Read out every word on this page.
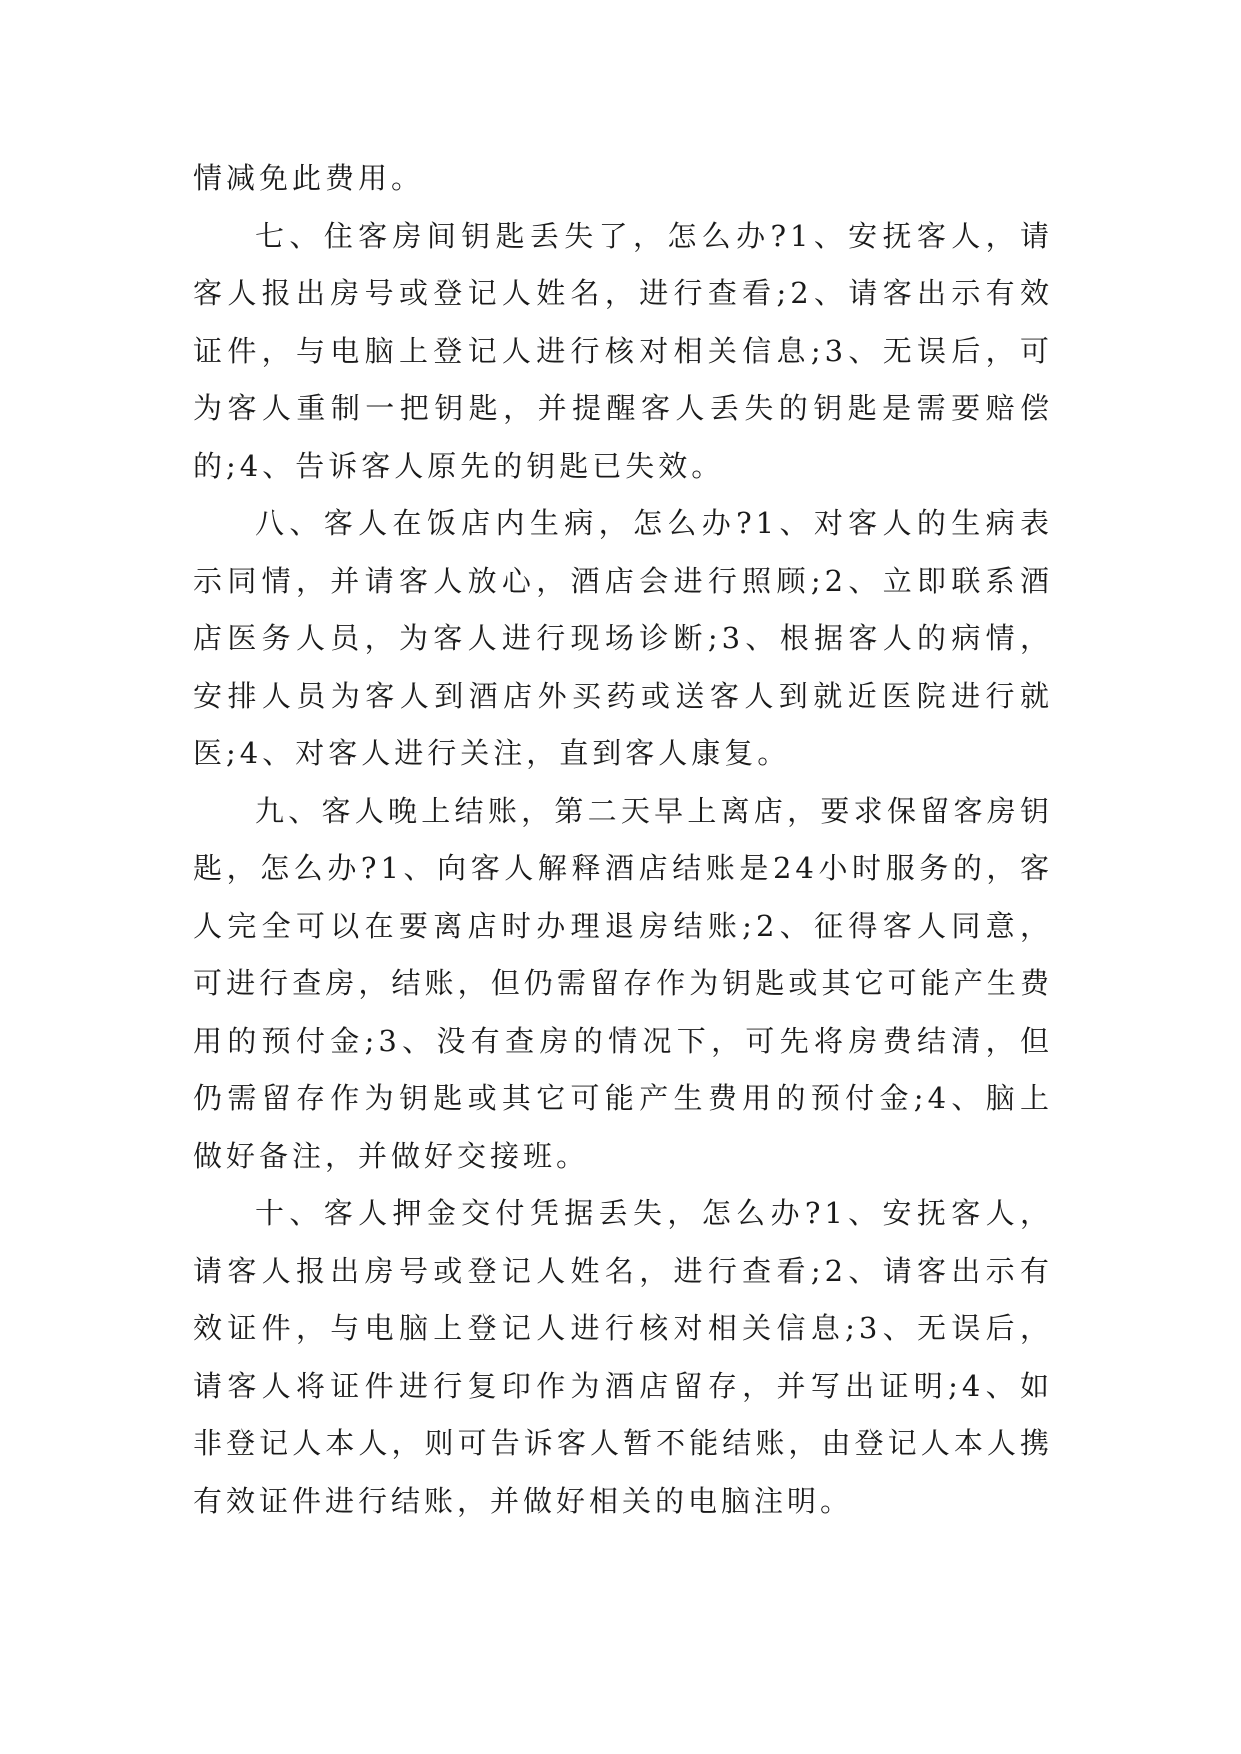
情减免此费用。

七、住客房间钥匙丢失了，怎么办?1、安抚客人，请客人报出房号或登记人姓名，进行查看;2、请客出示有效证件，与电脑上登记人进行核对相关信息;3、无误后，可为客人重制一把钥匙，并提醒客人丢失的钥匙是需要赔偿的;4、告诉客人原先的钥匙已失效。

八、客人在饭店内生病，怎么办?1、对客人的生病表示同情，并请客人放心，酒店会进行照顾;2、立即联系酒店医务人员，为客人进行现场诊断;3、根据客人的病情，安排人员为客人到酒店外买药或送客人到就近医院进行就医;4、对客人进行关注，直到客人康复。

九、客人晚上结账，第二天早上离店，要求保留客房钥匙，怎么办?1、向客人解释酒店结账是24小时服务的，客人完全可以在要离店时办理退房结账;2、征得客人同意，可进行查房，结账，但仍需留存作为钥匙或其它可能产生费用的预付金;3、没有查房的情况下，可先将房费结清，但仍需留存作为钥匙或其它可能产生费用的预付金;4、脑上做好备注，并做好交接班。

十、客人押金交付凭据丢失，怎么办?1、安抚客人，请客人报出房号或登记人姓名，进行查看;2、请客出示有效证件，与电脑上登记人进行核对相关信息;3、无误后，请客人将证件进行复印作为酒店留存，并写出证明;4、如非登记人本人，则可告诉客人暂不能结账，由登记人本人携有效证件进行结账，并做好相关的电脑注明。
